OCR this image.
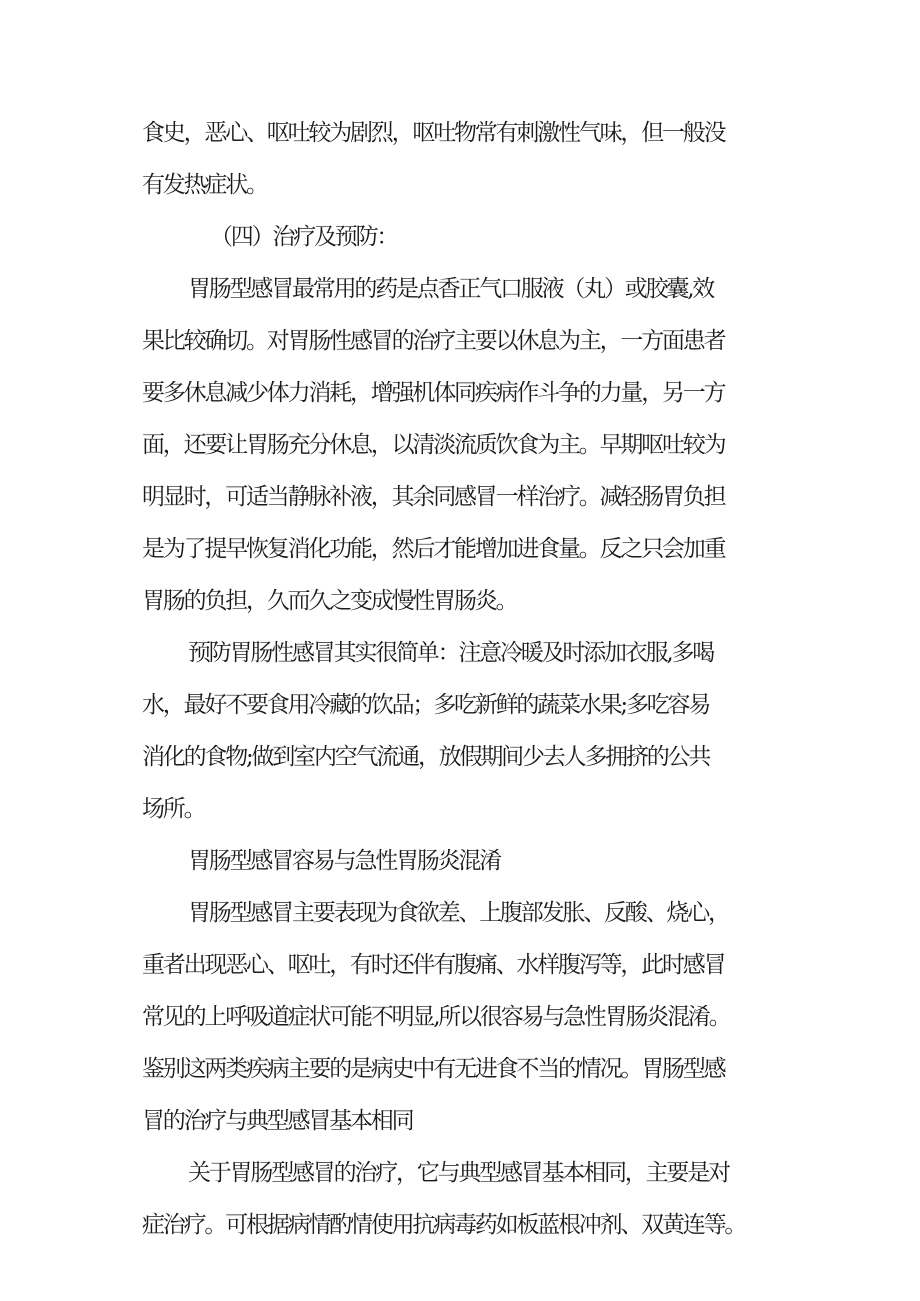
食史，恶心、呕吐较为剧烈，呕吐物常有刺激性气味，但一般没
有发热症状。
（四）治疗及预防：
胃肠型感冒最常用的药是点香正气口服液（丸）或胶囊,效
果比较确切。对胃肠性感冒的治疗主要以休息为主，一方面患者
要多休息减少体力消耗，增强机体同疾病作斗争的力量，另一方
面，还要让胃肠充分休息，以清淡流质饮食为主。早期呕吐较为
明显时，可适当静脉补液，其余同感冒一样治疗。减轻肠胃负担
是为了提早恢复消化功能，然后才能增加进食量。反之只会加重
胃肠的负担，久而久之变成慢性胃肠炎。
预防胃肠性感冒其实很简单：注意冷暖及时添加衣服,多喝
水，最好不要食用冷藏的饮品；多吃新鲜的蔬菜水果;多吃容易
消化的食物;做到室内空气流通，放假期间少去人多拥挤的公共
场所。
胃肠型感冒容易与急性胃肠炎混淆
胃肠型感冒主要表现为食欲差、上腹部发胀、反酸、烧心，
重者出现恶心、呕吐，有时还伴有腹痛、水样腹泻等，此时感冒
常见的上呼吸道症状可能不明显,所以很容易与急性胃肠炎混淆。
鉴别这两类疾病主要的是病史中有无进食不当的情况。胃肠型感
冒的治疗与典型感冒基本相同
关于胃肠型感冒的治疗，它与典型感冒基本相同，主要是对
症治疗。可根据病情酌情使用抗病毒药如板蓝根冲剂、双黄连等。
